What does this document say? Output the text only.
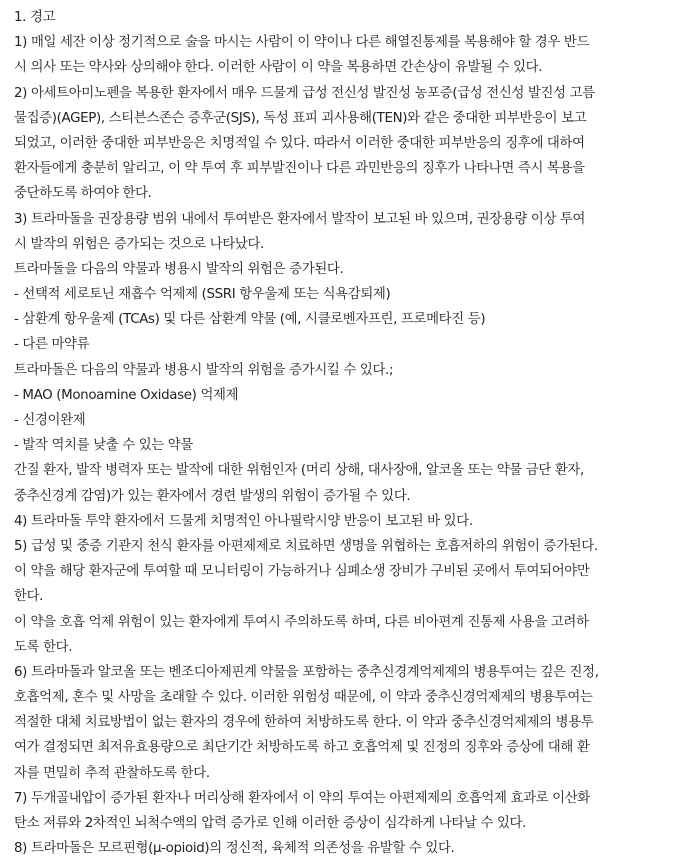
1. 경고
1) 매일 세잔 이상 정기적으로 술을 마시는 사람이 이 약이나 다른 해열진통제를 복용해야 할 경우 반드
시 의사 또는 약사와 상의해야 한다. 이러한 사람이 이 약을 복용하면 간손상이 유발될 수 있다.
2) 아세트아미노펜을 복용한 환자에서 매우 드물게 급성 전신성 발진성 농포증(급성 전신성 발진성 고름
물집증)(AGEP), 스티븐스존슨 증후군(SJS), 독성 표피 괴사용해(TEN)와 같은 중대한 피부반응이 보고
되었고, 이러한 중대한 피부반응은 치명적일 수 있다. 따라서 이러한 중대한 피부반응의 징후에 대하여
환자들에게 충분히 알리고, 이 약 투여 후 피부발진이나 다른 과민반응의 징후가 나타나면 즉시 복용을
중단하도록 하여야 한다.
3) 트라마돌을 권장용량 범위 내에서 투여받은 환자에서 발작이 보고된 바 있으며, 권장용량 이상 투여
시 발작의 위험은 증가되는 것으로 나타났다.
트라마돌을 다음의 약물과 병용시 발작의 위험은 증가된다.
- 선택적 세로토닌 재흡수 억제제 (SSRI 항우울제 또는 식욕감퇴제)
- 삼환계 항우울제 (TCAs) 및 다른 삼환계 약물 (예, 시클로벤자프린, 프로메타진 등)
- 다른 마약류
트라마돌은 다음의 약물과 병용시 발작의 위험을 증가시킬 수 있다.;
- MAO (Monoamine Oxidase) 억제제
- 신경이완제
- 발작 역치를 낮출 수 있는 약물
간질 환자, 발작 병력자 또는 발작에 대한 위험인자 (머리 상해, 대사장애, 알코올 또는 약물 금단 환자,
중추신경계 감염)가 있는 환자에서 경련 발생의 위험이 증가될 수 있다.
4) 트라마돌 투약 환자에서 드물게 치명적인 아나필락시양 반응이 보고된 바 있다.
5) 급성 및 중증 기관지 천식 환자를 아편제제로 치료하면 생명을 위협하는 호흡저하의 위험이 증가된다.
이 약을 해당 환자군에 투여할 때 모니터링이 가능하거나 심폐소생 장비가 구비된 곳에서 투여되어야만
한다.
이 약을 호흡 억제 위험이 있는 환자에게 투여시 주의하도록 하며, 다른 비아편계 진통제 사용을 고려하
도록 한다.
6) 트라마돌과 알코올 또는 벤조디아제핀계 약물을 포함하는 중추신경계억제제의 병용투여는 깊은 진정,
호흡억제, 혼수 및 사망을 초래할 수 있다. 이러한 위험성 때문에, 이 약과 중추신경억제제의 병용투여는
적절한 대체 치료방법이 없는 환자의 경우에 한하여 처방하도록 한다. 이 약과 중추신경억제제의 병용투
여가 결정되면 최저유효용량으로 최단기간 처방하도록 하고 호흡억제 및 진정의 징후와 증상에 대해 환
자를 면밀히 추적 관찰하도록 한다.
7) 두개골내압이 증가된 환자나 머리상해 환자에서 이 약의 투여는 아편제제의 호흡억제 효과로 이산화
탄소 저류와 2차적인 뇌척수액의 압력 증가로 인해 이러한 증상이 심각하게 나타날 수 있다.
8) 트라마돌은 모르핀형(μ-opioid)의 정신적, 육체적 의존성을 유발할 수 있다.
